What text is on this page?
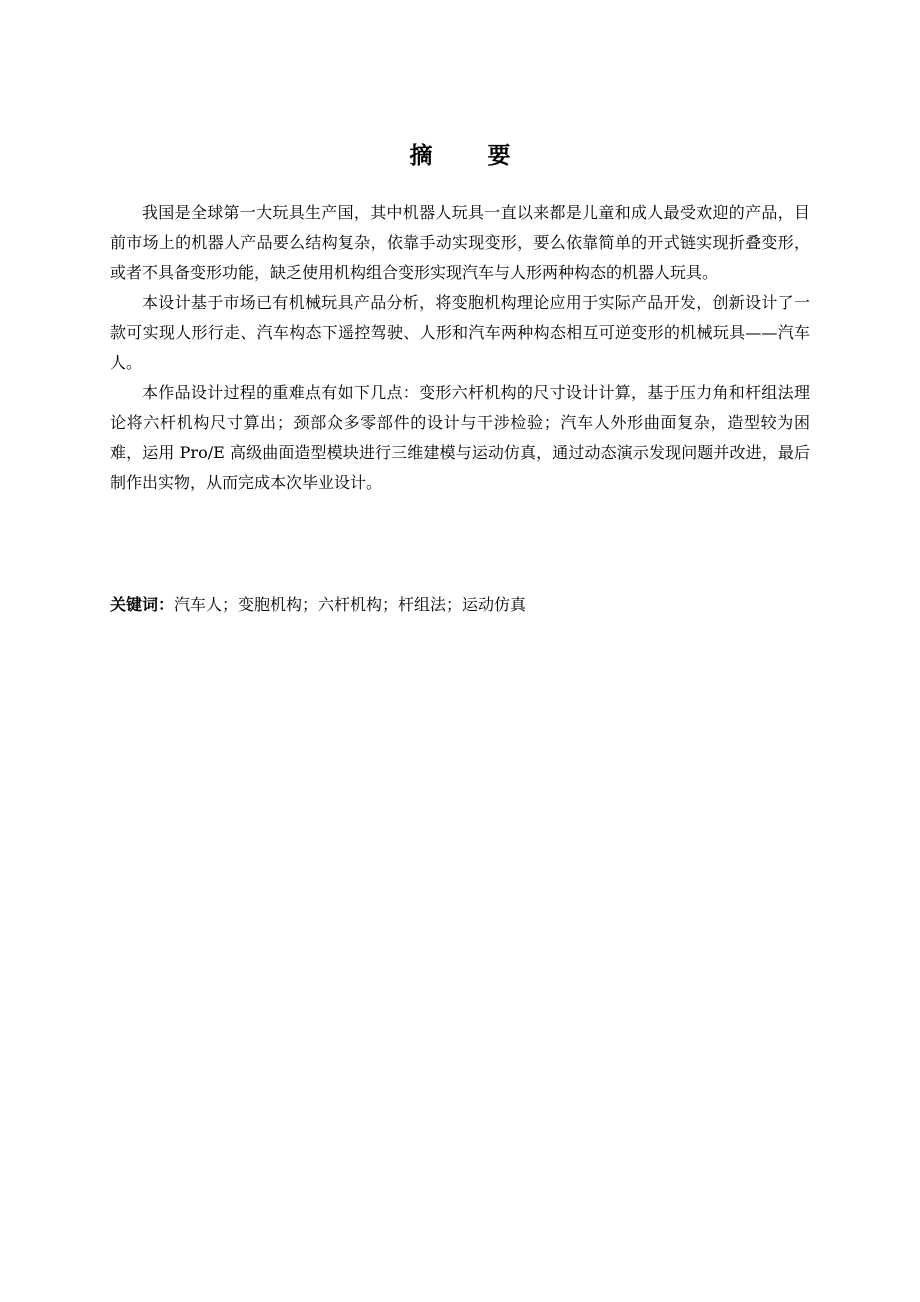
摘　要

我国是全球第一大玩具生产国，其中机器人玩具一直以来都是儿童和成人最受欢迎的产品，目前市场上的机器人产品要么结构复杂，依靠手动实现变形，要么依靠简单的开式链实现折叠变形，或者不具备变形功能，缺乏使用机构组合变形实现汽车与人形两种构态的机器人玩具。

本设计基于市场已有机械玩具产品分析，将变胞机构理论应用于实际产品开发，创新设计了一款可实现人形行走、汽车构态下遥控驾驶、人形和汽车两种构态相互可逆变形的机械玩具——汽车人。

本作品设计过程的重难点有如下几点：变形六杆机构的尺寸设计计算，基于压力角和杆组法理论将六杆机构尺寸算出；颈部众多零部件的设计与干涉检验；汽车人外形曲面复杂，造型较为困难，运用 Pro/E 高级曲面造型模块进行三维建模与运动仿真，通过动态演示发现问题并改进，最后制作出实物，从而完成本次毕业设计。

关键词：汽车人；变胞机构；六杆机构；杆组法；运动仿真
